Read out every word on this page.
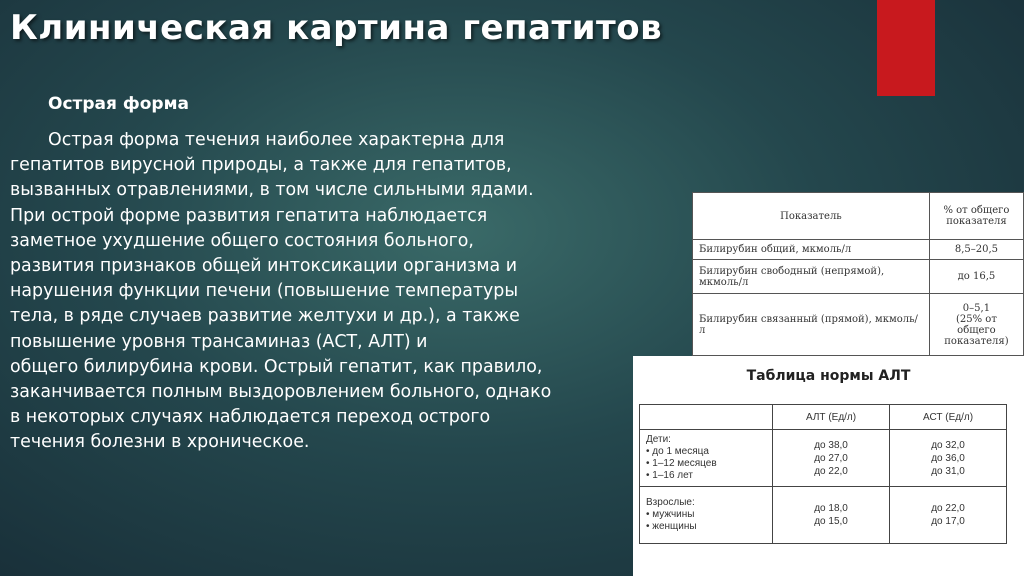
Клиническая картина гепатитов
Острая форма

Острая форма течения наиболее характерна для
гепатитов вирусной природы, а также для гепатитов,
вызванных отравлениями, в том числе сильными ядами.
При острой форме развития гепатита наблюдается
заметное ухудшение общего состояния больного,
развития признаков общей интоксикации организма и
нарушения функции печени (повышение температуры
тела, в ряде случаев развитие желтухи и др.), а также
повышение уровня трансаминаз (АСТ, АЛТ) и
общего билирубина крови. Острый гепатит, как правило,
заканчивается полным выздоровлением больного, однако
в некоторых случаях наблюдается переход острого
течения болезни в хроническое.

Показатель	% от общего
показателя
Билирубин общий, мкмоль/л	8,5–20,5
Билирубин свободный (непрямой), мкмоль/л	до 16,5
Билирубин связанный (прямой), мкмоль/л	0–5,1
(25% от общего
показателя)
Таблица нормы АЛТ
	АЛТ (Ед/л)	АСТ (Ед/л)

Дети:
• до 1 месяца
• 1–12 месяцев
• 1–16 лет	до 38,0
до 27,0
до 22,0	до 32,0
до 36,0
до 31,0

Взрослые:
• мужчины
• женщины	до 18,0
до 15,0	до 22,0
до 17,0
